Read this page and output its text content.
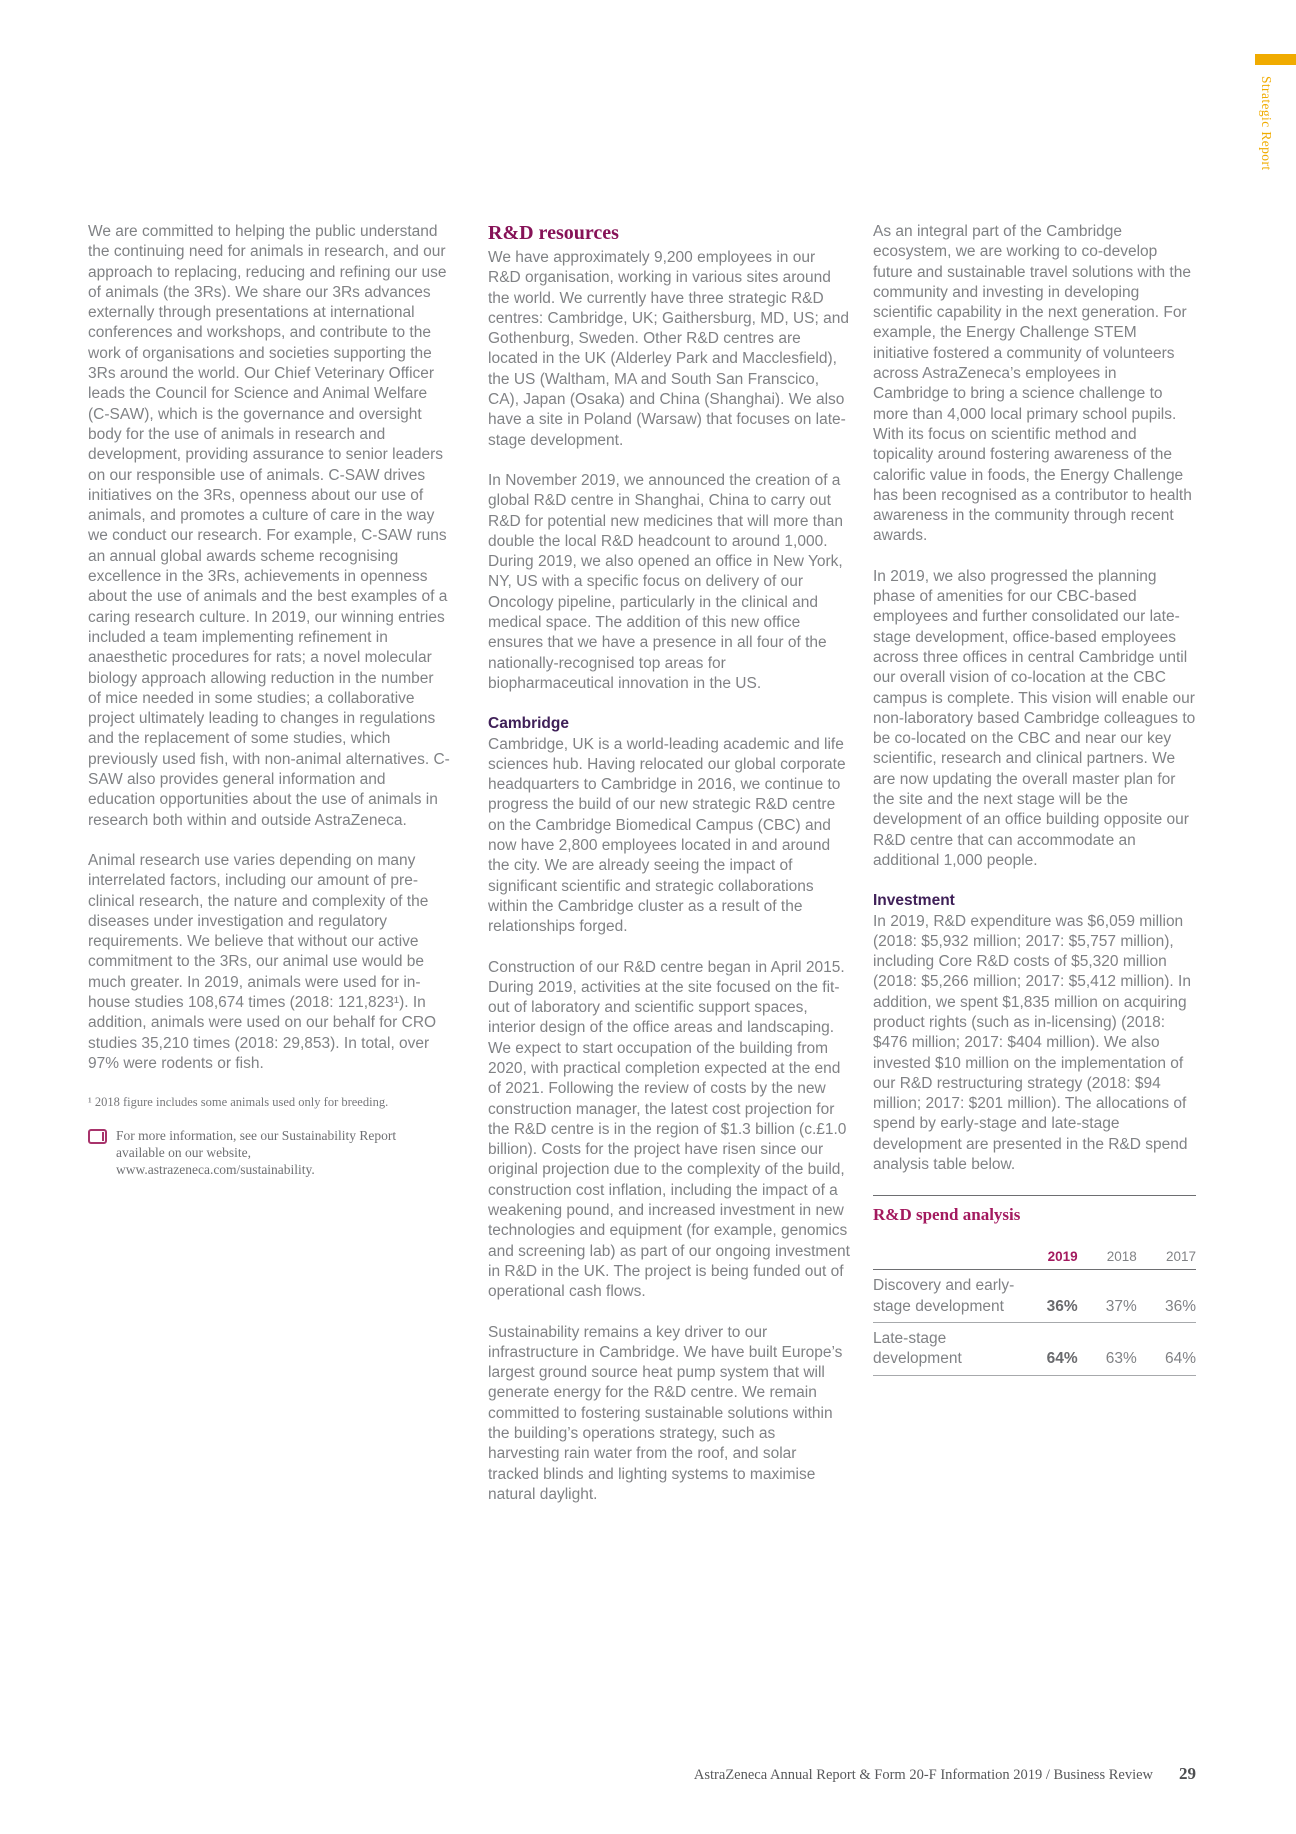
Strategic Report

We are committed to helping the public understand the continuing need for animals in research, and our approach to replacing, reducing and refining our use of animals (the 3Rs). We share our 3Rs advances externally through presentations at international conferences and workshops, and contribute to the work of organisations and societies supporting the 3Rs around the world. Our Chief Veterinary Officer leads the Council for Science and Animal Welfare (C-SAW), which is the governance and oversight body for the use of animals in research and development, providing assurance to senior leaders on our responsible use of animals. C-SAW drives initiatives on the 3Rs, openness about our use of animals, and promotes a culture of care in the way we conduct our research. For example, C-SAW runs an annual global awards scheme recognising excellence in the 3Rs, achievements in openness about the use of animals and the best examples of a caring research culture. In 2019, our winning entries included a team implementing refinement in anaesthetic procedures for rats; a novel molecular biology approach allowing reduction in the number of mice needed in some studies; a collaborative project ultimately leading to changes in regulations and the replacement of some studies, which previously used fish, with non-animal alternatives. C-SAW also provides general information and education opportunities about the use of animals in research both within and outside AstraZeneca.

Animal research use varies depending on many interrelated factors, including our amount of pre-clinical research, the nature and complexity of the diseases under investigation and regulatory requirements. We believe that without our active commitment to the 3Rs, our animal use would be much greater. In 2019, animals were used for in-house studies 108,674 times (2018: 121,823¹). In addition, animals were used on our behalf for CRO studies 35,210 times (2018: 29,853). In total, over 97% were rodents or fish.

¹ 2018 figure includes some animals used only for breeding.

For more information, see our Sustainability Report available on our website, www.astrazeneca.com/sustainability.
R&D resources

We have approximately 9,200 employees in our R&D organisation, working in various sites around the world. We currently have three strategic R&D centres: Cambridge, UK; Gaithersburg, MD, US; and Gothenburg, Sweden. Other R&D centres are located in the UK (Alderley Park and Macclesfield), the US (Waltham, MA and South San Franscico, CA), Japan (Osaka) and China (Shanghai). We also have a site in Poland (Warsaw) that focuses on late-stage development.

In November 2019, we announced the creation of a global R&D centre in Shanghai, China to carry out R&D for potential new medicines that will more than double the local R&D headcount to around 1,000. During 2019, we also opened an office in New York, NY, US with a specific focus on delivery of our Oncology pipeline, particularly in the clinical and medical space. The addition of this new office ensures that we have a presence in all four of the nationally-recognised top areas for biopharmaceutical innovation in the US.

Cambridge

Cambridge, UK is a world-leading academic and life sciences hub. Having relocated our global corporate headquarters to Cambridge in 2016, we continue to progress the build of our new strategic R&D centre on the Cambridge Biomedical Campus (CBC) and now have 2,800 employees located in and around the city. We are already seeing the impact of significant scientific and strategic collaborations within the Cambridge cluster as a result of the relationships forged.

Construction of our R&D centre began in April 2015. During 2019, activities at the site focused on the fit-out of laboratory and scientific support spaces, interior design of the office areas and landscaping. We expect to start occupation of the building from 2020, with practical completion expected at the end of 2021. Following the review of costs by the new construction manager, the latest cost projection for the R&D centre is in the region of $1.3 billion (c.£1.0 billion). Costs for the project have risen since our original projection due to the complexity of the build, construction cost inflation, including the impact of a weakening pound, and increased investment in new technologies and equipment (for example, genomics and screening lab) as part of our ongoing investment in R&D in the UK. The project is being funded out of operational cash flows.

Sustainability remains a key driver to our infrastructure in Cambridge. We have built Europe’s largest ground source heat pump system that will generate energy for the R&D centre. We remain committed to fostering sustainable solutions within the building’s operations strategy, such as harvesting rain water from the roof, and solar tracked blinds and lighting systems to maximise natural daylight.

As an integral part of the Cambridge ecosystem, we are working to co-develop future and sustainable travel solutions with the community and investing in developing scientific capability in the next generation. For example, the Energy Challenge STEM initiative fostered a community of volunteers across AstraZeneca’s employees in Cambridge to bring a science challenge to more than 4,000 local primary school pupils. With its focus on scientific method and topicality around fostering awareness of the calorific value in foods, the Energy Challenge has been recognised as a contributor to health awareness in the community through recent awards.

In 2019, we also progressed the planning phase of amenities for our CBC-based employees and further consolidated our late-stage development, office-based employees across three offices in central Cambridge until our overall vision of co-location at the CBC campus is complete. This vision will enable our non-laboratory based Cambridge colleagues to be co-located on the CBC and near our key scientific, research and clinical partners. We are now updating the overall master plan for the site and the next stage will be the development of an office building opposite our R&D centre that can accommodate an additional 1,000 people.

Investment

In 2019, R&D expenditure was $6,059 million (2018: $5,932 million; 2017: $5,757 million), including Core R&D costs of $5,320 million (2018: $5,266 million; 2017: $5,412 million). In addition, we spent $1,835 million on acquiring product rights (such as in-licensing) (2018: $476 million; 2017: $404 million). We also invested $10 million on the implementation of our R&D restructuring strategy (2018: $94 million; 2017: $201 million). The allocations of spend by early-stage and late-stage development are presented in the R&D spend analysis table below.

R&D spend analysis
	2019	2018	2017
Discovery and early-stage development	36%	37%	36%
Late-stage development	64%	63%	64%
AstraZeneca Annual Report & Form 20-F Information 2019 / Business Review 29
